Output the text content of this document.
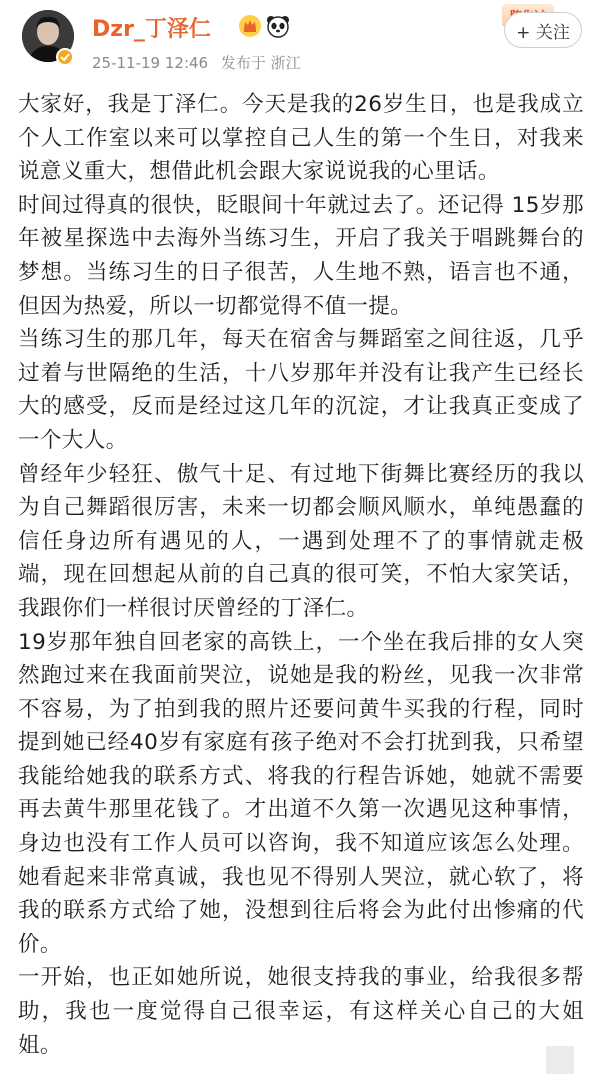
Dzr_丁泽仁
25-11-19 12:46 发布于 浙江
+ 关注

大家好，我是丁泽仁。今天是我的26岁生日，也是我成立个人工作室以来可以掌控自己人生的第一个生日，对我来说意义重大，想借此机会跟大家说说我的心里话。

时间过得真的很快，眨眼间十年就过去了。还记得 15岁那年被星探选中去海外当练习生，开启了我关于唱跳舞台的梦想。当练习生的日子很苦，人生地不熟，语言也不通，但因为热爱，所以一切都觉得不值一提。

当练习生的那几年，每天在宿舍与舞蹈室之间往返，几乎过着与世隔绝的生活，十八岁那年并没有让我产生已经长大的感受，反而是经过这几年的沉淀，才让我真正变成了一个大人。

曾经年少轻狂、傲气十足、有过地下街舞比赛经历的我以为自己舞蹈很厉害，未来一切都会顺风顺水，单纯愚蠢的信任身边所有遇见的人，一遇到处理不了的事情就走极端，现在回想起从前的自己真的很可笑，不怕大家笑话，我跟你们一样很讨厌曾经的丁泽仁。

19岁那年独自回老家的高铁上，一个坐在我后排的女人突然跑过来在我面前哭泣，说她是我的粉丝，见我一次非常不容易，为了拍到我的照片还要问黄牛买我的行程，同时提到她已经40岁有家庭有孩子绝对不会打扰到我，只希望我能给她我的联系方式、将我的行程告诉她，她就不需要再去黄牛那里花钱了。才出道不久第一次遇见这种事情，身边也没有工作人员可以咨询，我不知道应该怎么处理。她看起来非常真诚，我也见不得别人哭泣，就心软了，将我的联系方式给了她，没想到往后将会为此付出惨痛的代价。

一开始，也正如她所说，她很支持我的事业，给我很多帮助，我也一度觉得自己很幸运，有这样关心自己的大姐姐。
